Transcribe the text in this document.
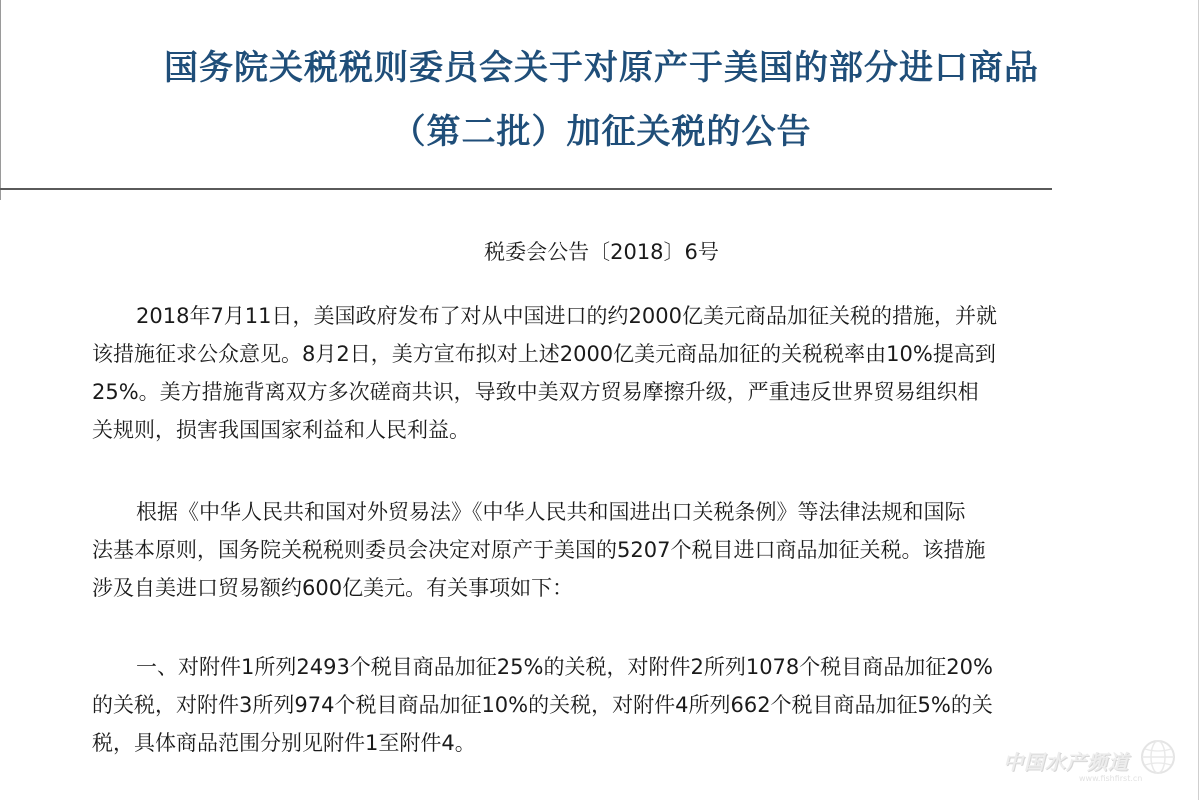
国务院关税税则委员会关于对原产于美国的部分进口商品
（第二批）加征关税的公告
税委会公告〔2018〕6号
2018年7月11日，美国政府发布了对从中国进口的约2000亿美元商品加征关税的措施，并就
该措施征求公众意见。8月2日，美方宣布拟对上述2000亿美元商品加征的关税税率由10%提高到
25%。美方措施背离双方多次磋商共识，导致中美双方贸易摩擦升级，严重违反世界贸易组织相
关规则，损害我国国家利益和人民利益。
根据《中华人民共和国对外贸易法》《中华人民共和国进出口关税条例》等法律法规和国际
法基本原则，国务院关税税则委员会决定对原产于美国的5207个税目进口商品加征关税。该措施
涉及自美进口贸易额约600亿美元。有关事项如下：
一、对附件1所列2493个税目商品加征25%的关税，对附件2所列1078个税目商品加征20%
的关税，对附件3所列974个税目商品加征10%的关税，对附件4所列662个税目商品加征5%的关
税，具体商品范围分别见附件1至附件4。
中国水产频道
www.fishfirst.cn
